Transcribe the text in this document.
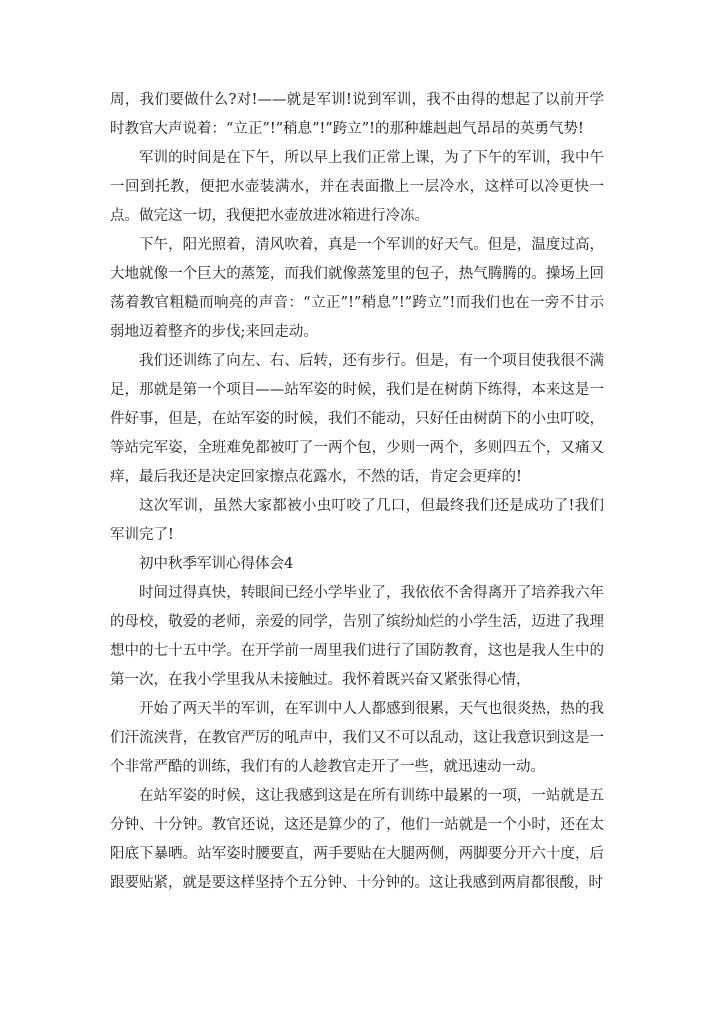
周，我们要做什么?对!——就是军训!说到军训，我不由得的想起了以前开学时教官大声说着：“立正”!”稍息”!”跨立”!的那种雄赳赳气昂昂的英勇气势!

军训的时间是在下午，所以早上我们正常上课，为了下午的军训，我中午一回到托教，便把水壶装满水，并在表面撒上一层冷水，这样可以冷更快一点。做完这一切，我便把水壶放进冰箱进行冷冻。

下午，阳光照着，清风吹着，真是一个军训的好天气。但是，温度过高，大地就像一个巨大的蒸笼，而我们就像蒸笼里的包子，热气腾腾的。操场上回荡着教官粗糙而响亮的声音：“立正”!”稍息”!”跨立”!而我们也在一旁不甘示弱地迈着整齐的步伐;来回走动。

我们还训练了向左、右、后转，还有步行。但是，有一个项目使我很不满足，那就是第一个项目——站军姿的时候，我们是在树荫下练得，本来这是一件好事，但是，在站军姿的时候，我们不能动，只好任由树荫下的小虫叮咬，等站完军姿，全班难免都被叮了一两个包，少则一两个，多则四五个，又痛又痒，最后我还是决定回家擦点花露水，不然的话，肯定会更痒的!

这次军训，虽然大家都被小虫叮咬了几口，但最终我们还是成功了!我们军训完了!

初中秋季军训心得体会4

时间过得真快，转眼间已经小学毕业了，我依依不舍得离开了培养我六年的母校，敬爱的老师，亲爱的同学，告别了缤纷灿烂的小学生活，迈进了我理想中的七十五中学。在开学前一周里我们进行了国防教育，这也是我人生中的第一次，在我小学里我从未接触过。我怀着既兴奋又紧张得心情，

开始了两天半的军训，在军训中人人都感到很累，天气也很炎热，热的我们汗流浃背，在教官严厉的吼声中，我们又不可以乱动，这让我意识到这是一个非常严酷的训练，我们有的人趁教官走开了一些，就迅速动一动。

在站军姿的时候，这让我感到这是在所有训练中最累的一项，一站就是五分钟、十分钟。教官还说，这还是算少的了，他们一站就是一个小时，还在太阳底下暴晒。站军姿时腰要直，两手要贴在大腿两侧，两脚要分开六十度，后跟要贴紧，就是要这样坚持个五分钟、十分钟的。这让我感到两肩都很酸，时
